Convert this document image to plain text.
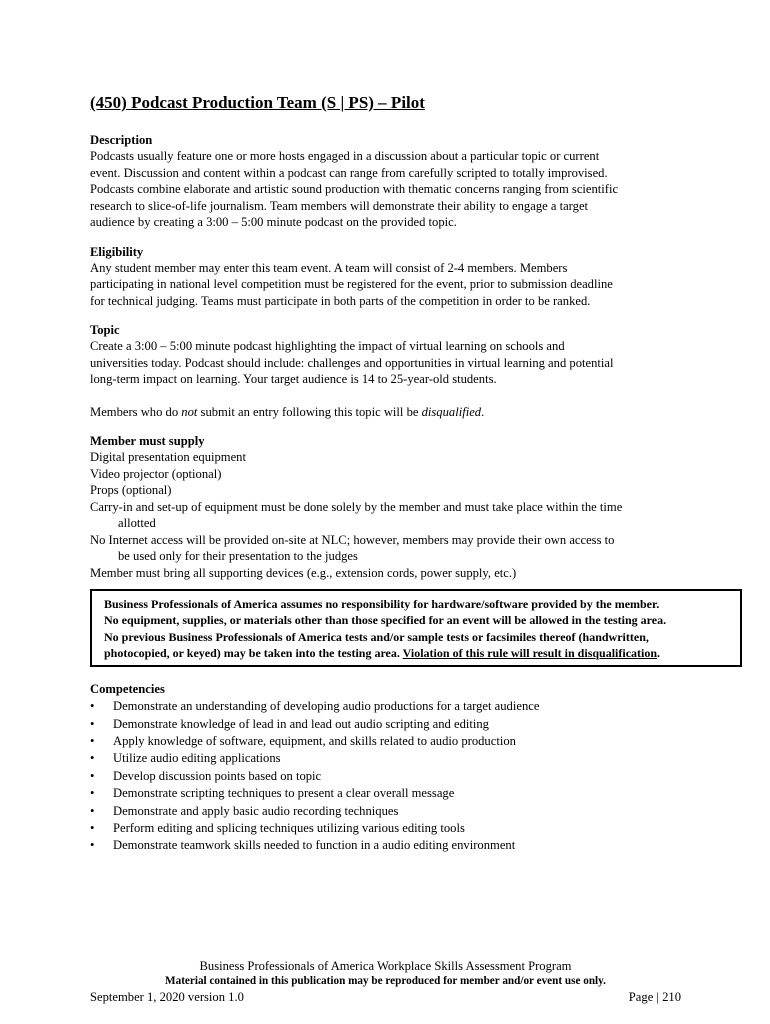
(450) Podcast Production Team (S | PS) – Pilot
Description
Podcasts usually feature one or more hosts engaged in a discussion about a particular topic or current
event. Discussion and content within a podcast can range from carefully scripted to totally improvised.
Podcasts combine elaborate and artistic sound production with thematic concerns ranging from scientific
research to slice-of-life journalism. Team members will demonstrate their ability to engage a target
audience by creating a 3:00 – 5:00 minute podcast on the provided topic.
Eligibility
Any student member may enter this team event. A team will consist of 2-4 members. Members
participating in national level competition must be registered for the event, prior to submission deadline
for technical judging. Teams must participate in both parts of the competition in order to be ranked.
Topic
Create a 3:00 – 5:00 minute podcast highlighting the impact of virtual learning on schools and
universities today. Podcast should include: challenges and opportunities in virtual learning and potential
long-term impact on learning. Your target audience is 14 to 25-year-old students.
Members who do not submit an entry following this topic will be disqualified.
Member must supply
Digital presentation equipment
Video projector (optional)
Props (optional)
Carry-in and set-up of equipment must be done solely by the member and must take place within the time
allotted
No Internet access will be provided on-site at NLC; however, members may provide their own access to
be used only for their presentation to the judges
Member must bring all supporting devices (e.g., extension cords, power supply, etc.)
Business Professionals of America assumes no responsibility for hardware/software provided by the member.
No equipment, supplies, or materials other than those specified for an event will be allowed in the testing area.
No previous Business Professionals of America tests and/or sample tests or facsimiles thereof (handwritten,
photocopied, or keyed) may be taken into the testing area. Violation of this rule will result in disqualification.
Competencies
• Demonstrate an understanding of developing audio productions for a target audience
• Demonstrate knowledge of lead in and lead out audio scripting and editing
• Apply knowledge of software, equipment, and skills related to audio production
• Utilize audio editing applications
• Develop discussion points based on topic
• Demonstrate scripting techniques to present a clear overall message
• Demonstrate and apply basic audio recording techniques
• Perform editing and splicing techniques utilizing various editing tools
• Demonstrate teamwork skills needed to function in a audio editing environment
Business Professionals of America Workplace Skills Assessment Program
Material contained in this publication may be reproduced for member and/or event use only.
September 1, 2020 version 1.0	Page | 210
